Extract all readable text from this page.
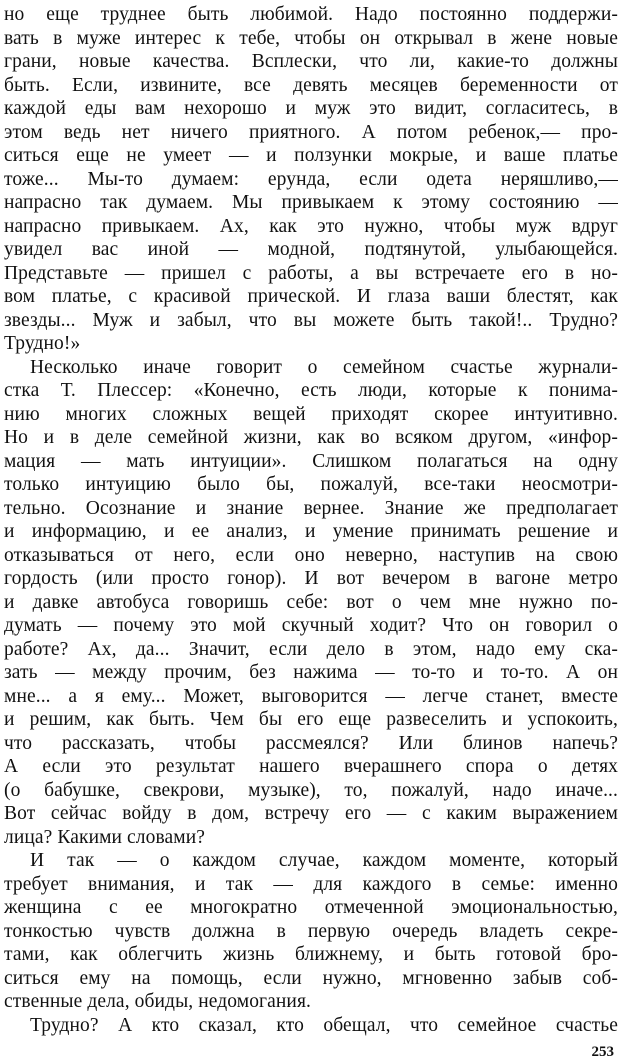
но еще труднее быть любимой. Надо постоянно поддержи-
вать в муже интерес к тебе, чтобы он открывал в жене новые
грани, новые качества. Всплески, что ли, какие-то должны
быть. Если, извините, все девять месяцев беременности от
каждой еды вам нехорошо и муж это видит, согласитесь, в
этом ведь нет ничего приятного. А потом ребенок,— про-
ситься еще не умеет — и ползунки мокрые, и ваше платье
тоже... Мы-то думаем: ерунда, если одета неряшливо,—
напрасно так думаем. Мы привыкаем к этому состоянию —
напрасно привыкаем. Ах, как это нужно, чтобы муж вдруг
увидел вас иной — модной, подтянутой, улыбающейся.
Представьте — пришел с работы, а вы встречаете его в но-
вом платье, с красивой прической. И глаза ваши блестят, как
звезды... Муж и забыл, что вы можете быть такой!.. Трудно?
Трудно!»
Несколько иначе говорит о семейном счастье журнали-
стка Т. Плессер: «Конечно, есть люди, которые к понима-
нию многих сложных вещей приходят скорее интуитивно.
Но и в деле семейной жизни, как во всяком другом, «инфор-
мация — мать интуиции». Слишком полагаться на одну
только интуицию было бы, пожалуй, все-таки неосмотри-
тельно. Осознание и знание вернее. Знание же предполагает
и информацию, и ее анализ, и умение принимать решение и
отказываться от него, если оно неверно, наступив на свою
гордость (или просто гонор). И вот вечером в вагоне метро
и давке автобуса говоришь себе: вот о чем мне нужно по-
думать — почему это мой скучный ходит? Что он говорил о
работе? Ах, да... Значит, если дело в этом, надо ему ска-
зать — между прочим, без нажима — то-то и то-то. А он
мне... а я ему... Может, выговорится — легче станет, вместе
и решим, как быть. Чем бы его еще развеселить и успокоить,
что рассказать, чтобы рассмеялся? Или блинов напечь?
А если это результат нашего вчерашнего спора о детях
(о бабушке, свекрови, музыке), то, пожалуй, надо иначе...
Вот сейчас войду в дом, встречу его — с каким выражением
лица? Какими словами?
И так — о каждом случае, каждом моменте, который
требует внимания, и так — для каждого в семье: именно
женщина с ее многократно отмеченной эмоциональностью,
тонкостью чувств должна в первую очередь владеть секре-
тами, как облегчить жизнь ближнему, и быть готовой бро-
ситься ему на помощь, если нужно, мгновенно забыв соб-
ственные дела, обиды, недомогания.
Трудно? А кто сказал, кто обещал, что семейное счастье
253
